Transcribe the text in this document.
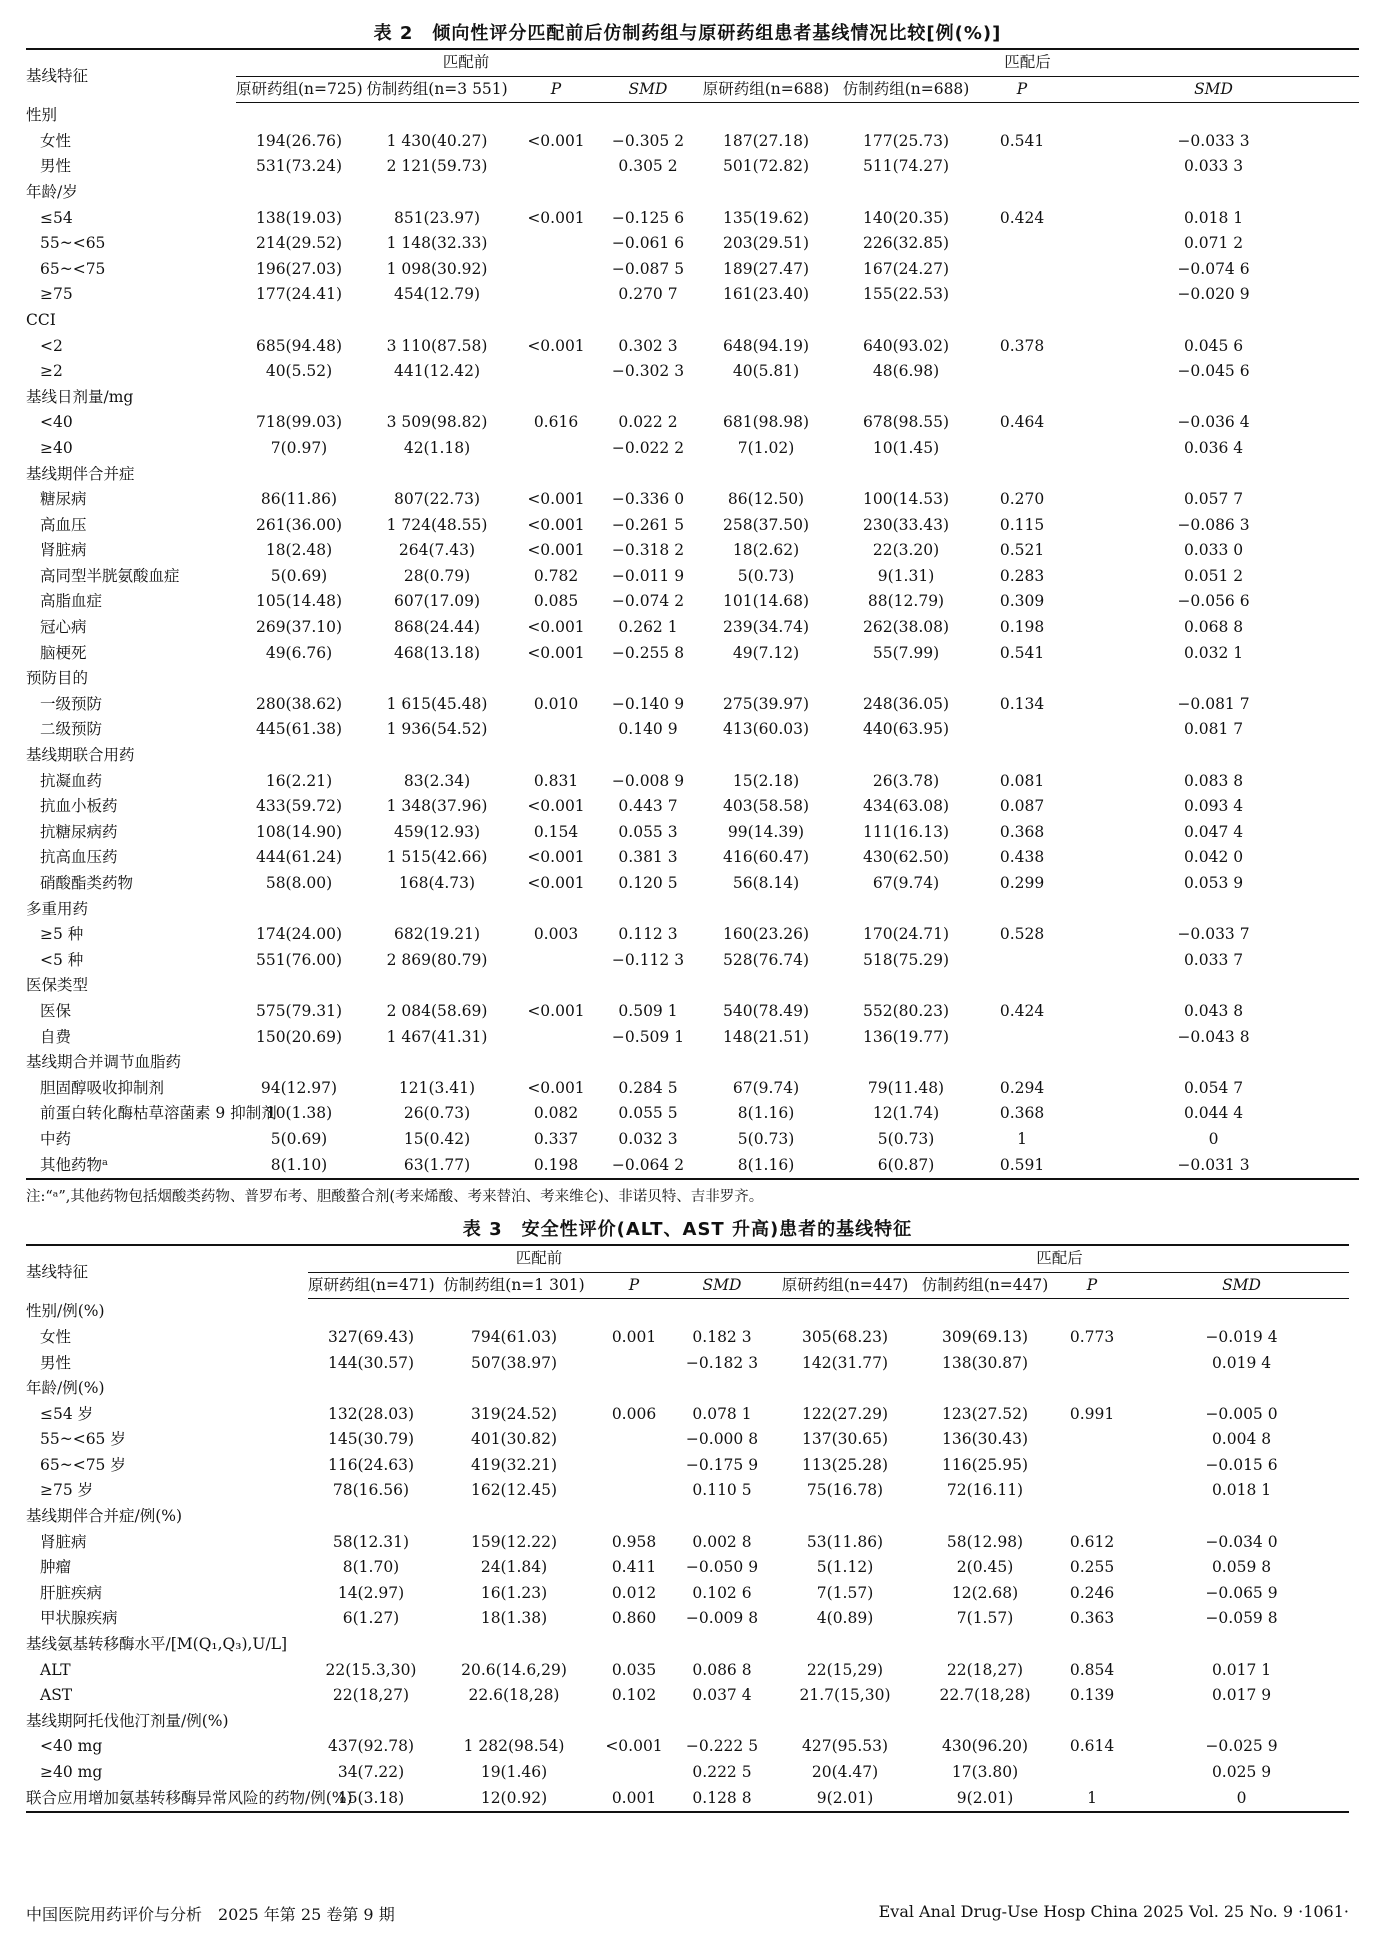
表 2　倾向性评分匹配前后仿制药组与原研药组患者基线情况比较[例(%)]
基线特征	匹配前				匹配后			
	原研药组(n=725)	仿制药组(n=3 551)	P	SMD	原研药组(n=688)	仿制药组(n=688)	P	SMD
性别								
女性	194(26.76)	1 430(40.27)	<0.001	−0.305 2	187(27.18)	177(25.73)	0.541	−0.033 3
男性	531(73.24)	2 121(59.73)		0.305 2	501(72.82)	511(74.27)		0.033 3
年龄/岁								
≤54	138(19.03)	851(23.97)	<0.001	−0.125 6	135(19.62)	140(20.35)	0.424	0.018 1
55~<65	214(29.52)	1 148(32.33)		−0.061 6	203(29.51)	226(32.85)		0.071 2
65~<75	196(27.03)	1 098(30.92)		−0.087 5	189(27.47)	167(24.27)		−0.074 6
≥75	177(24.41)	454(12.79)		0.270 7	161(23.40)	155(22.53)		−0.020 9
CCI								
<2	685(94.48)	3 110(87.58)	<0.001	0.302 3	648(94.19)	640(93.02)	0.378	0.045 6
≥2	40(5.52)	441(12.42)		−0.302 3	40(5.81)	48(6.98)		−0.045 6
基线日剂量/mg								
<40	718(99.03)	3 509(98.82)	0.616	0.022 2	681(98.98)	678(98.55)	0.464	−0.036 4
≥40	7(0.97)	42(1.18)		−0.022 2	7(1.02)	10(1.45)		0.036 4
基线期伴合并症								
糖尿病	86(11.86)	807(22.73)	<0.001	−0.336 0	86(12.50)	100(14.53)	0.270	0.057 7
高血压	261(36.00)	1 724(48.55)	<0.001	−0.261 5	258(37.50)	230(33.43)	0.115	−0.086 3
肾脏病	18(2.48)	264(7.43)	<0.001	−0.318 2	18(2.62)	22(3.20)	0.521	0.033 0
高同型半胱氨酸血症	5(0.69)	28(0.79)	0.782	−0.011 9	5(0.73)	9(1.31)	0.283	0.051 2
高脂血症	105(14.48)	607(17.09)	0.085	−0.074 2	101(14.68)	88(12.79)	0.309	−0.056 6
冠心病	269(37.10)	868(24.44)	<0.001	0.262 1	239(34.74)	262(38.08)	0.198	0.068 8
脑梗死	49(6.76)	468(13.18)	<0.001	−0.255 8	49(7.12)	55(7.99)	0.541	0.032 1
预防目的								
一级预防	280(38.62)	1 615(45.48)	0.010	−0.140 9	275(39.97)	248(36.05)	0.134	−0.081 7
二级预防	445(61.38)	1 936(54.52)		0.140 9	413(60.03)	440(63.95)		0.081 7
基线期联合用药								
抗凝血药	16(2.21)	83(2.34)	0.831	−0.008 9	15(2.18)	26(3.78)	0.081	0.083 8
抗血小板药	433(59.72)	1 348(37.96)	<0.001	0.443 7	403(58.58)	434(63.08)	0.087	0.093 4
抗糖尿病药	108(14.90)	459(12.93)	0.154	0.055 3	99(14.39)	111(16.13)	0.368	0.047 4
抗高血压药	444(61.24)	1 515(42.66)	<0.001	0.381 3	416(60.47)	430(62.50)	0.438	0.042 0
硝酸酯类药物	58(8.00)	168(4.73)	<0.001	0.120 5	56(8.14)	67(9.74)	0.299	0.053 9
多重用药								
≥5 种	174(24.00)	682(19.21)	0.003	0.112 3	160(23.26)	170(24.71)	0.528	−0.033 7
<5 种	551(76.00)	2 869(80.79)		−0.112 3	528(76.74)	518(75.29)		0.033 7
医保类型								
医保	575(79.31)	2 084(58.69)	<0.001	0.509 1	540(78.49)	552(80.23)	0.424	0.043 8
自费	150(20.69)	1 467(41.31)		−0.509 1	148(21.51)	136(19.77)		−0.043 8
基线期合并调节血脂药								
胆固醇吸收抑制剂	94(12.97)	121(3.41)	<0.001	0.284 5	67(9.74)	79(11.48)	0.294	0.054 7
前蛋白转化酶枯草溶菌素 9 抑制剂	10(1.38)	26(0.73)	0.082	0.055 5	8(1.16)	12(1.74)	0.368	0.044 4
中药	5(0.69)	15(0.42)	0.337	0.032 3	5(0.73)	5(0.73)	1	0
其他药物ᵃ	8(1.10)	63(1.77)	0.198	−0.064 2	8(1.16)	6(0.87)	0.591	−0.031 3
注:“ᵃ”,其他药物包括烟酸类药物、普罗布考、胆酸螯合剂(考来烯酸、考来替泊、考来维仑)、非诺贝特、吉非罗齐。
表 3　安全性评价(ALT、AST 升高)患者的基线特征
基线特征	匹配前				匹配后			
	原研药组(n=471)	仿制药组(n=1 301)	P	SMD	原研药组(n=447)	仿制药组(n=447)	P	SMD
性别/例(%)								
女性	327(69.43)	794(61.03)	0.001	0.182 3	305(68.23)	309(69.13)	0.773	−0.019 4
男性	144(30.57)	507(38.97)		−0.182 3	142(31.77)	138(30.87)		0.019 4
年龄/例(%)								
≤54 岁	132(28.03)	319(24.52)	0.006	0.078 1	122(27.29)	123(27.52)	0.991	−0.005 0
55~<65 岁	145(30.79)	401(30.82)		−0.000 8	137(30.65)	136(30.43)		0.004 8
65~<75 岁	116(24.63)	419(32.21)		−0.175 9	113(25.28)	116(25.95)		−0.015 6
≥75 岁	78(16.56)	162(12.45)		0.110 5	75(16.78)	72(16.11)		0.018 1
基线期伴合并症/例(%)								
肾脏病	58(12.31)	159(12.22)	0.958	0.002 8	53(11.86)	58(12.98)	0.612	−0.034 0
肿瘤	8(1.70)	24(1.84)	0.411	−0.050 9	5(1.12)	2(0.45)	0.255	0.059 8
肝脏疾病	14(2.97)	16(1.23)	0.012	0.102 6	7(1.57)	12(2.68)	0.246	−0.065 9
甲状腺疾病	6(1.27)	18(1.38)	0.860	−0.009 8	4(0.89)	7(1.57)	0.363	−0.059 8
基线氨基转移酶水平/[M(Q₁,Q₃),U/L]								
ALT	22(15.3,30)	20.6(14.6,29)	0.035	0.086 8	22(15,29)	22(18,27)	0.854	0.017 1
AST	22(18,27)	22.6(18,28)	0.102	0.037 4	21.7(15,30)	22.7(18,28)	0.139	0.017 9
基线期阿托伐他汀剂量/例(%)								
<40 mg	437(92.78)	1 282(98.54)	<0.001	−0.222 5	427(95.53)	430(96.20)	0.614	−0.025 9
≥40 mg	34(7.22)	19(1.46)		0.222 5	20(4.47)	17(3.80)		0.025 9
联合应用增加氨基转移酶异常风险的药物/例(%)	15(3.18)	12(0.92)	0.001	0.128 8	9(2.01)	9(2.01)	1	0
中国医院用药评价与分析　2025 年第 25 卷第 9 期	Eval Anal Drug-Use Hosp China 2025 Vol. 25 No. 9 ·1061·
